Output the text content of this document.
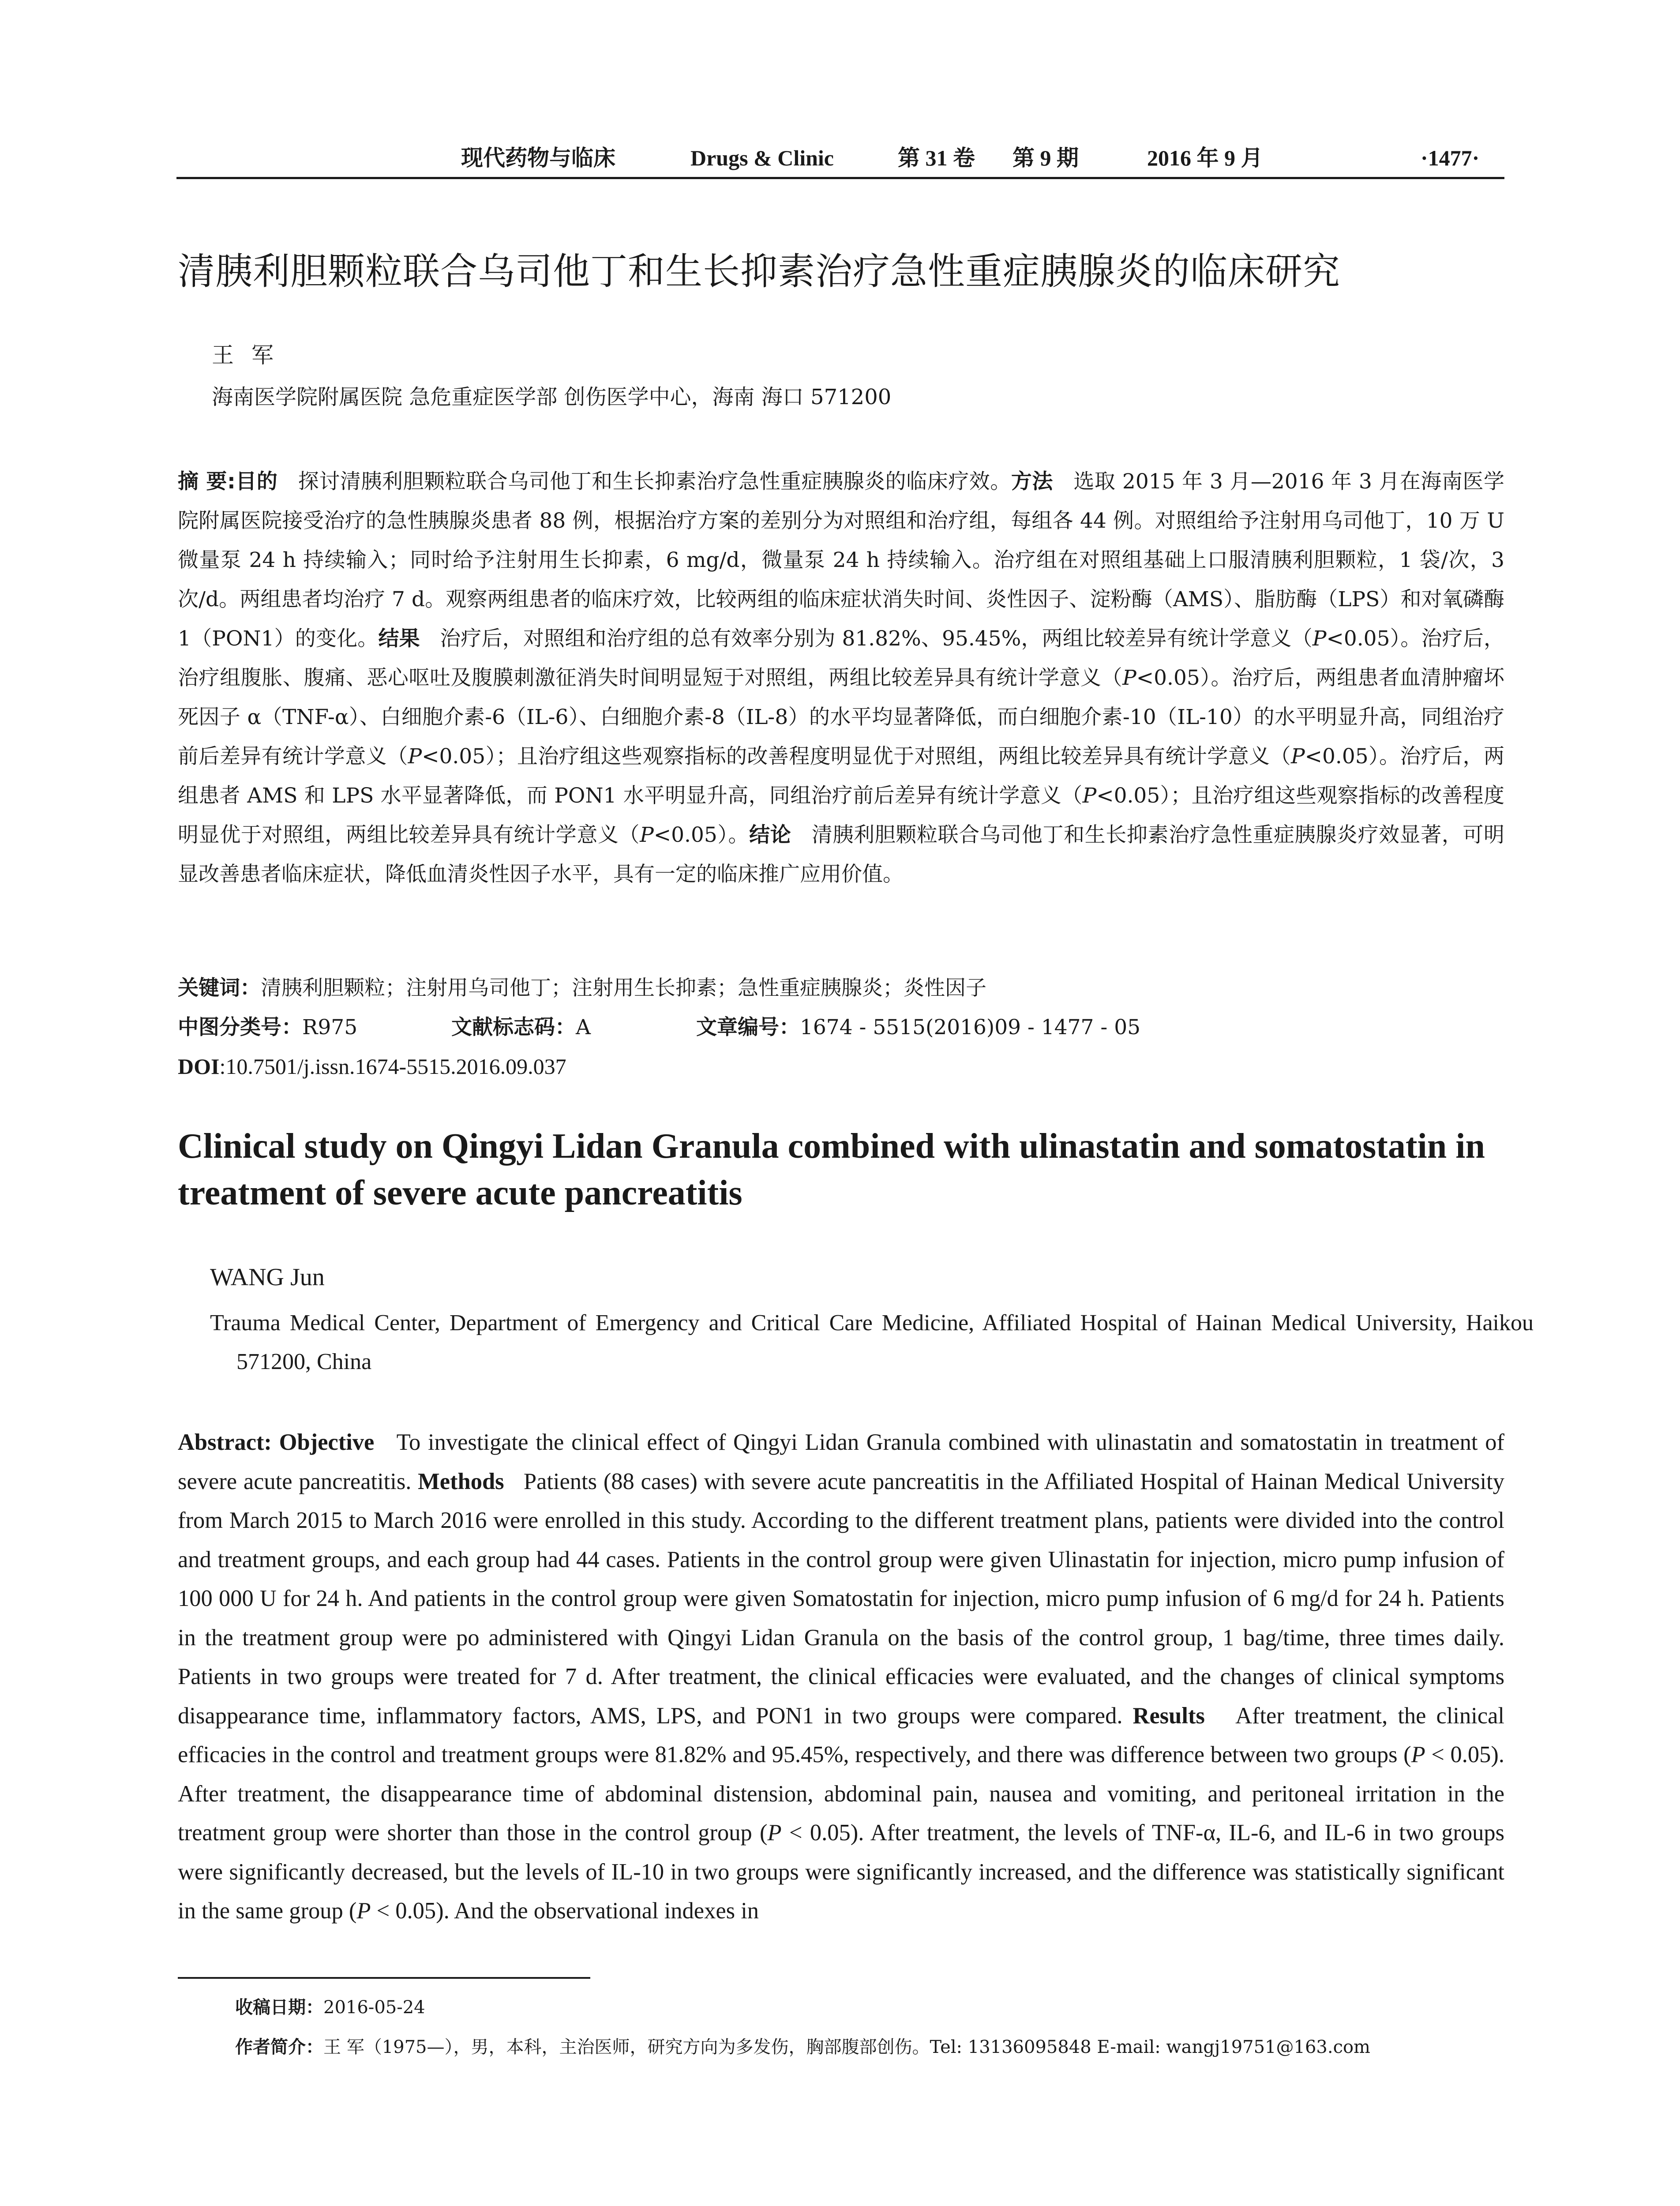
现代药物与临床	Drugs & Clinic	第 31 卷 第 9 期	2016 年 9 月	·1477·
清胰利胆颗粒联合乌司他丁和生长抑素治疗急性重症胰腺炎的临床研究
王军
海南医学院附属医院 急危重症医学部 创伤医学中心，海南 海口 571200
摘 要:目的 探讨清胰利胆颗粒联合乌司他丁和生长抑素治疗急性重症胰腺炎的临床疗效。方法 选取 2015 年 3 月—2016 年 3 月在海南医学院附属医院接受治疗的急性胰腺炎患者 88 例，根据治疗方案的差别分为对照组和治疗组，每组各 44 例。对照组给予注射用乌司他丁，10 万 U 微量泵 24 h 持续输入；同时给予注射用生长抑素，6 mg/d，微量泵 24 h 持续输入。治疗组在对照组基础上口服清胰利胆颗粒，1 袋/次，3 次/d。两组患者均治疗 7 d。观察两组患者的临床疗效，比较两组的临床症状消失时间、炎性因子、淀粉酶（AMS）、脂肪酶（LPS）和对氧磷酶 1（PON1）的变化。结果 治疗后，对照组和治疗组的总有效率分别为 81.82%、95.45%，两组比较差异有统计学意义（P<0.05）。治疗后，治疗组腹胀、腹痛、恶心呕吐及腹膜刺激征消失时间明显短于对照组，两组比较差异具有统计学意义（P<0.05）。治疗后，两组患者血清肿瘤坏死因子 α（TNF-α）、白细胞介素-6（IL-6）、白细胞介素-8（IL-8）的水平均显著降低，而白细胞介素-10（IL-10）的水平明显升高，同组治疗前后差异有统计学意义（P<0.05）；且治疗组这些观察指标的改善程度明显优于对照组，两组比较差异具有统计学意义（P<0.05）。治疗后，两组患者 AMS 和 LPS 水平显著降低，而 PON1 水平明显升高，同组治疗前后差异有统计学意义（P<0.05）；且治疗组这些观察指标的改善程度明显优于对照组，两组比较差异具有统计学意义（P<0.05）。结论 清胰利胆颗粒联合乌司他丁和生长抑素治疗急性重症胰腺炎疗效显著，可明显改善患者临床症状，降低血清炎性因子水平，具有一定的临床推广应用价值。
关键词：清胰利胆颗粒；注射用乌司他丁；注射用生长抑素；急性重症胰腺炎；炎性因子
中图分类号： R975	文献标志码： A	文章编号： 1674 - 5515(2016)09 - 1477 - 05
DOI:10.7501/j.issn.1674-5515.2016.09.037
Clinical study on Qingyi Lidan Granula combined with ulinastatin and somatostatin in treatment of severe acute pancreatitis
WANG Jun
Trauma Medical Center, Department of Emergency and Critical Care Medicine, Affiliated Hospital of Hainan Medical University, Haikou 571200, China
Abstract: Objective To investigate the clinical effect of Qingyi Lidan Granula combined with ulinastatin and somatostatin in treatment of severe acute pancreatitis. Methods Patients (88 cases) with severe acute pancreatitis in the Affiliated Hospital of Hainan Medical University from March 2015 to March 2016 were enrolled in this study. According to the different treatment plans, patients were divided into the control and treatment groups, and each group had 44 cases. Patients in the control group were given Ulinastatin for injection, micro pump infusion of 100 000 U for 24 h. And patients in the control group were given Somatostatin for injection, micro pump infusion of 6 mg/d for 24 h. Patients in the treatment group were po administered with Qingyi Lidan Granula on the basis of the control group, 1 bag/time, three times daily. Patients in two groups were treated for 7 d. After treatment, the clinical efficacies were evaluated, and the changes of clinical symptoms disappearance time, inflammatory factors, AMS, LPS, and PON1 in two groups were compared. Results After treatment, the clinical efficacies in the control and treatment groups were 81.82% and 95.45%, respectively, and there was difference between two groups (P < 0.05). After treatment, the disappearance time of abdominal distension, abdominal pain, nausea and vomiting, and peritoneal irritation in the treatment group were shorter than those in the control group (P < 0.05). After treatment, the levels of TNF-α, IL-6, and IL-6 in two groups were significantly decreased, but the levels of IL-10 in two groups were significantly increased, and the difference was statistically significant in the same group (P < 0.05). And the observational indexes in
收稿日期：2016-05-24
作者简介：王 军（1975—），男，本科，主治医师，研究方向为多发伤，胸部腹部创伤。Tel: 13136095848 E-mail: wangj19751@163.com
